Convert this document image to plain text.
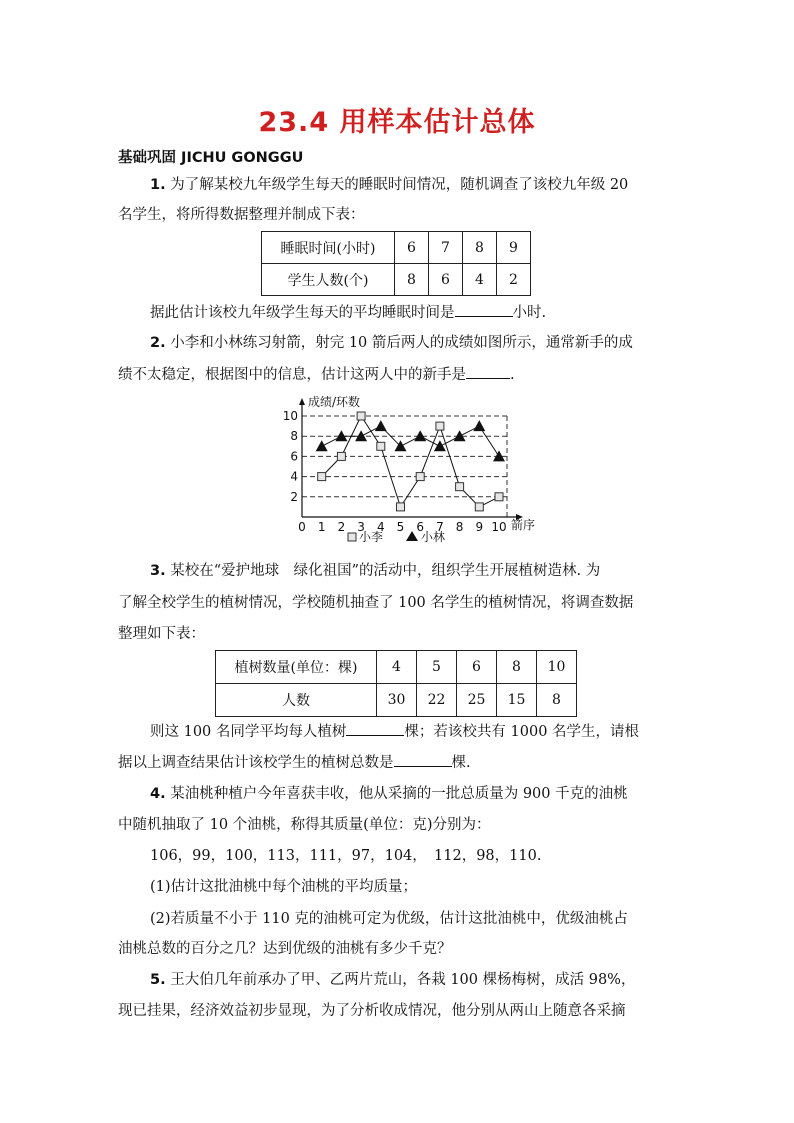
23.4 用样本估计总体
基础巩固 JICHU GONGGU
1. 为了解某校九年级学生每天的睡眠时间情况，随机调查了该校九年级 20
名学生，将所得数据整理并制成下表：
睡眠时间(小时)	6	7	8	9
学生人数(个)	8	6	4	2
据此估计该校九年级学生每天的平均睡眠时间是	小时.
2. 小李和小林练习射箭，射完 10 箭后两人的成绩如图所示，通常新手的成
绩不太稳定，根据图中的信息，估计这两人中的新手是	.
2
4
6
8
10
0 1 2 3 4 5 6 7 8 9 10
成绩/环数
箭序
小李	小林
3. 某校在“爱护地球　绿化祖国”的活动中，组织学生开展植树造林. 为
了解全校学生的植树情况，学校随机抽查了 100 名学生的植树情况，将调查数据
整理如下表：
植树数量(单位：棵)	4	5	6	8	10
人数	30	22	25	15	8
则这 100 名同学平均每人植树	棵；若该校共有 1000 名学生，请根
据以上调查结果估计该校学生的植树总数是	棵.
4. 某油桃种植户今年喜获丰收，他从采摘的一批总质量为 900 千克的油桃
中随机抽取了 10 个油桃，称得其质量(单位：克)分别为：
106，99，100，113，111，97，104，　112，98，110.
(1)估计这批油桃中每个油桃的平均质量；
(2)若质量不小于 110 克的油桃可定为优级，估计这批油桃中，优级油桃占
油桃总数的百分之几？达到优级的油桃有多少千克？
5. 王大伯几年前承办了甲、乙两片荒山，各栽 100 棵杨梅树，成活 98%，
现已挂果，经济效益初步显现，为了分析收成情况，他分别从两山上随意各采摘
